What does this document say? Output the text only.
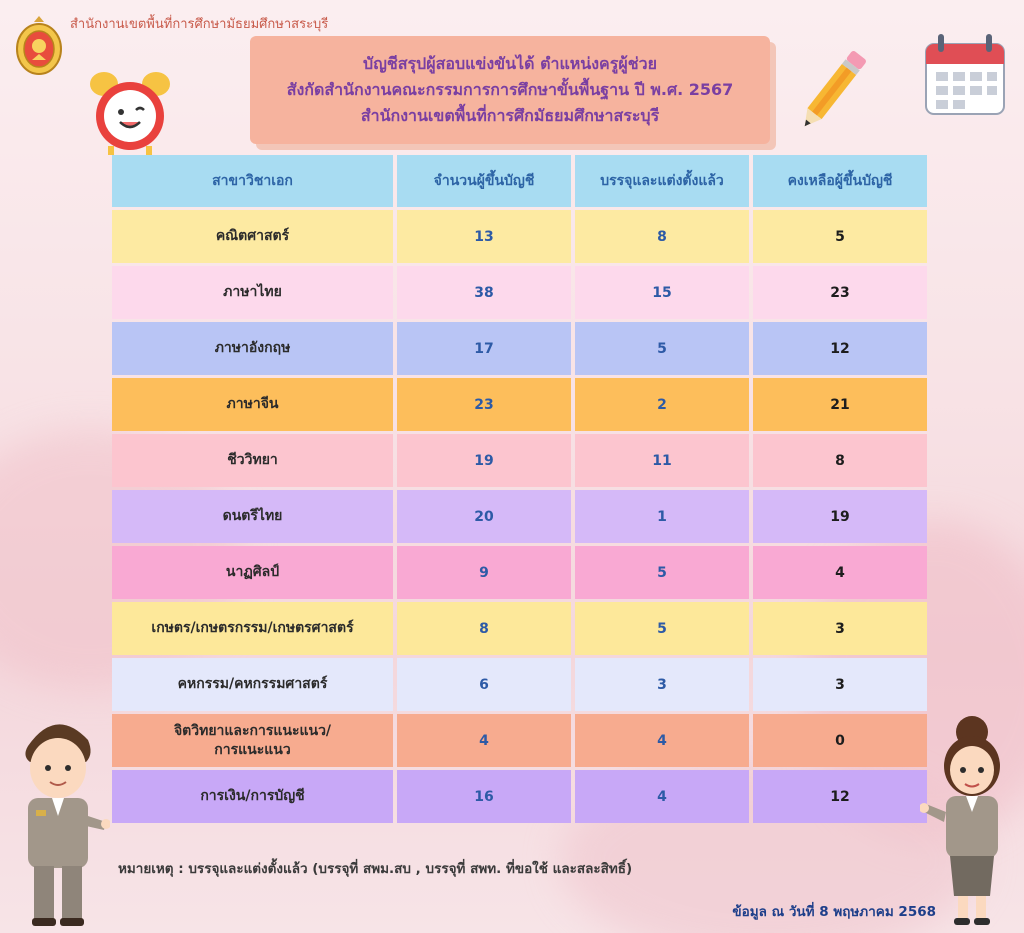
สำนักงานเขตพื้นที่การศึกษามัธยมศึกษาสระบุรี
บัญชีสรุปผู้สอบแข่งขันได้ ตำแหน่งครูผู้ช่วย
สังกัดสำนักงานคณะกรรมการการศึกษาขั้นพื้นฐาน ปี พ.ศ. 2567
สำนักงานเขตพื้นที่การศึกมัธยมศึกษาสระบุรี
สาขาวิชาเอก	จำนวนผู้ขึ้นบัญชี	บรรจุและแต่งตั้งแล้ว	คงเหลือผู้ขึ้นบัญชี
คณิตศาสตร์	13	8	5
ภาษาไทย	38	15	23
ภาษาอังกฤษ	17	5	12
ภาษาจีน	23	2	21
ชีววิทยา	19	11	8
ดนตรีไทย	20	1	19
นาฏศิลป์	9	5	4
เกษตร/เกษตรกรรม/เกษตรศาสตร์	8	5	3
คหกรรม/คหกรรมศาสตร์	6	3	3
จิตวิทยาและการแนะแนว/
การแนะแนว	4	4	0
การเงิน/การบัญชี	16	4	12
หมายเหตุ : บรรจุและแต่งตั้งแล้ว (บรรจุที่ สพม.สบ , บรรจุที่ สพท. ที่ขอใช้ และสละสิทธิ์)
ข้อมูล ณ วันที่ 8 พฤษภาคม 2568
